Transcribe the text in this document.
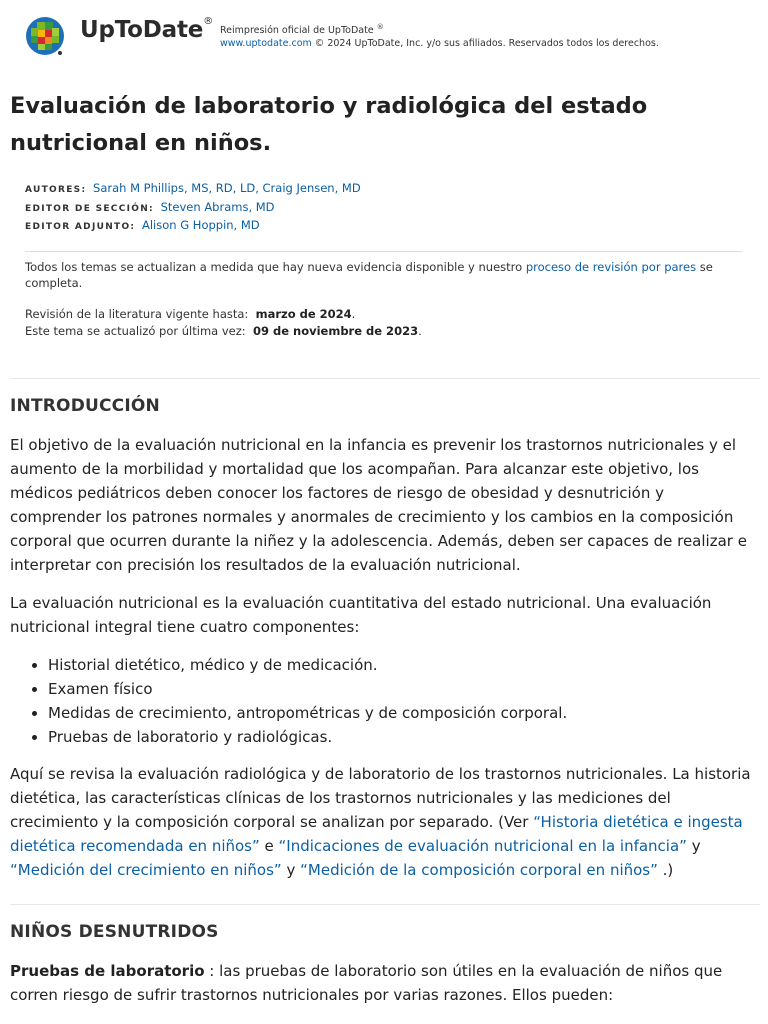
UpToDate®
Reimpresión oficial de UpToDate ®
www.uptodate.com © 2024 UpToDate, Inc. y/o sus afiliados. Reservados todos los derechos.
Evaluación de laboratorio y radiológica del estado nutricional en niños.
AUTORES: Sarah M Phillips, MS, RD, LD, Craig Jensen, MD
EDITOR DE SECCIÓN: Steven Abrams, MD
EDITOR ADJUNTO: Alison G Hoppin, MD
Todos los temas se actualizan a medida que hay nueva evidencia disponible y nuestro proceso de revisión por pares se completa.
Revisión de la literatura vigente hasta: marzo de 2024.
Este tema se actualizó por última vez: 09 de noviembre de 2023.
INTRODUCCIÓN

El objetivo de la evaluación nutricional en la infancia es prevenir los trastornos nutricionales y el aumento de la morbilidad y mortalidad que los acompañan. Para alcanzar este objetivo, los médicos pediátricos deben conocer los factores de riesgo de obesidad y desnutrición y comprender los patrones normales y anormales de crecimiento y los cambios en la composición corporal que ocurren durante la niñez y la adolescencia. Además, deben ser capaces de realizar e interpretar con precisión los resultados de la evaluación nutricional.

La evaluación nutricional es la evaluación cuantitativa del estado nutricional. Una evaluación nutricional integral tiene cuatro componentes:

• Historial dietético, médico y de medicación.
• Examen físico
• Medidas de crecimiento, antropométricas y de composición corporal.
• Pruebas de laboratorio y radiológicas.

Aquí se revisa la evaluación radiológica y de laboratorio de los trastornos nutricionales. La historia dietética, las características clínicas de los trastornos nutricionales y las mediciones del crecimiento y la composición corporal se analizan por separado. (Ver “Historia dietética e ingesta dietética recomendada en niños” e “Indicaciones de evaluación nutricional en la infancia” y “Medición del crecimiento en niños” y “Medición de la composición corporal en niños” .)

NIÑOS DESNUTRIDOS

Pruebas de laboratorio : las pruebas de laboratorio son útiles en la evaluación de niños que corren riesgo de sufrir trastornos nutricionales por varias razones. Ellos pueden:
